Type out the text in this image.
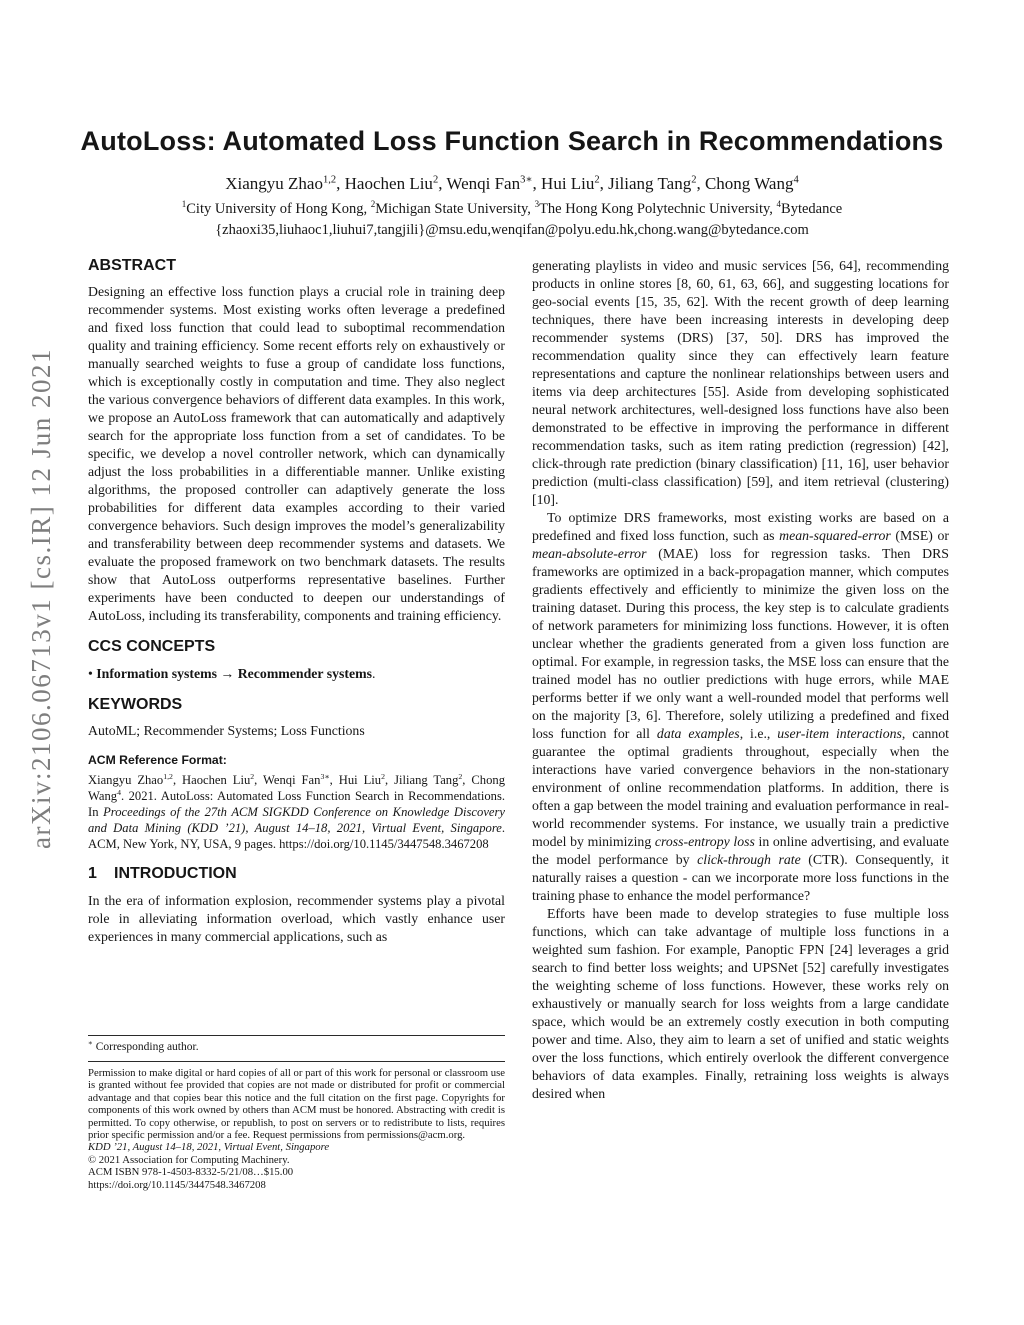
arXiv:2106.06713v1 [cs.IR] 12 Jun 2021
AutoLoss: Automated Loss Function Search in Recommendations
Xiangyu Zhao$^{1,2}$, Haochen Liu$^2$, Wenqi Fan$^{3∗}$, Hui Liu$^2$, Jiliang Tang$^2$, Chong Wang$^4$
$^1$City University of Hong Kong, $^2$Michigan State University, $^3$The Hong Kong Polytechnic University, $^4$Bytedance
{zhaoxi35,liuhaoc1,liuhui7,tangjili}@msu.edu,wenqifan@polyu.edu.hk,chong.wang@bytedance.com
ABSTRACT

Designing an effective loss function plays a crucial role in training deep recommender systems. Most existing works often leverage a predefined and fixed loss function that could lead to suboptimal recommendation quality and training efficiency. Some recent efforts rely on exhaustively or manually searched weights to fuse a group of candidate loss functions, which is exceptionally costly in computation and time. They also neglect the various convergence behaviors of different data examples. In this work, we propose an AutoLoss framework that can automatically and adaptively search for the appropriate loss function from a set of candidates. To be specific, we develop a novel controller network, which can dynamically adjust the loss probabilities in a differentiable manner. Unlike existing algorithms, the proposed controller can adaptively generate the loss probabilities for different data examples according to their varied convergence behaviors. Such design improves the model’s generalizability and transferability between deep recommender systems and datasets. We evaluate the proposed framework on two benchmark datasets. The results show that AutoLoss outperforms representative baselines. Further experiments have been conducted to deepen our understandings of AutoLoss, including its transferability, components and training efficiency.

CCS CONCEPTS

• Information systems → Recommender systems.

KEYWORDS

AutoML; Recommender Systems; Loss Functions

ACM Reference Format:

Xiangyu Zhao$^{1,2}$, Haochen Liu$^2$, Wenqi Fan$^{3∗}$, Hui Liu$^2$, Jiliang Tang$^2$, Chong Wang$^4$. 2021. AutoLoss: Automated Loss Function Search in Recommendations. In Proceedings of the 27th ACM SIGKDD Conference on Knowledge Discovery and Data Mining (KDD ’21), August 14–18, 2021, Virtual Event, Singapore. ACM, New York, NY, USA, 9 pages. https://doi.org/10.1145/3447548.3467208

1 INTRODUCTION

In the era of information explosion, recommender systems play a pivotal role in alleviating information overload, which vastly enhance user experiences in many commercial applications, such as

∗ Corresponding author.

Permission to make digital or hard copies of all or part of this work for personal or classroom use is granted without fee provided that copies are not made or distributed for profit or commercial advantage and that copies bear this notice and the full citation on the first page. Copyrights for components of this work owned by others than ACM must be honored. Abstracting with credit is permitted. To copy otherwise, or republish, to post on servers or to redistribute to lists, requires prior specific permission and/or a fee. Request permissions from permissions@acm.org.

KDD ’21, August 14–18, 2021, Virtual Event, Singapore

© 2021 Association for Computing Machinery.

ACM ISBN 978-1-4503-8332-5/21/08…$15.00

https://doi.org/10.1145/3447548.3467208

generating playlists in video and music services [56, 64], recommending products in online stores [8, 60, 61, 63, 66], and suggesting locations for geo-social events [15, 35, 62]. With the recent growth of deep learning techniques, there have been increasing interests in developing deep recommender systems (DRS) [37, 50]. DRS has improved the recommendation quality since they can effectively learn feature representations and capture the nonlinear relationships between users and items via deep architectures [55]. Aside from developing sophisticated neural network architectures, well-designed loss functions have also been demonstrated to be effective in improving the performance in different recommendation tasks, such as item rating prediction (regression) [42], click-through rate prediction (binary classification) [11, 16], user behavior prediction (multi-class classification) [59], and item retrieval (clustering) [10].

To optimize DRS frameworks, most existing works are based on a predefined and fixed loss function, such as mean-squared-error (MSE) or mean-absolute-error (MAE) loss for regression tasks. Then DRS frameworks are optimized in a back-propagation manner, which computes gradients effectively and efficiently to minimize the given loss on the training dataset. During this process, the key step is to calculate gradients of network parameters for minimizing loss functions. However, it is often unclear whether the gradients generated from a given loss function are optimal. For example, in regression tasks, the MSE loss can ensure that the trained model has no outlier predictions with huge errors, while MAE performs better if we only want a well-rounded model that performs well on the majority [3, 6]. Therefore, solely utilizing a predefined and fixed loss function for all data examples, i.e., user-item interactions, cannot guarantee the optimal gradients throughout, especially when the interactions have varied convergence behaviors in the non-stationary environment of online recommendation platforms. In addition, there is often a gap between the model training and evaluation performance in real-world recommender systems. For instance, we usually train a predictive model by minimizing cross-entropy loss in online advertising, and evaluate the model performance by click-through rate (CTR). Consequently, it naturally raises a question - can we incorporate more loss functions in the training phase to enhance the model performance?

Efforts have been made to develop strategies to fuse multiple loss functions, which can take advantage of multiple loss functions in a weighted sum fashion. For example, Panoptic FPN [24] leverages a grid search to find better loss weights; and UPSNet [52] carefully investigates the weighting scheme of loss functions. However, these works rely on exhaustively or manually search for loss weights from a large candidate space, which would be an extremely costly execution in both computing power and time. Also, they aim to learn a set of unified and static weights over the loss functions, which entirely overlook the different convergence behaviors of data examples. Finally, retraining loss weights is always desired when
